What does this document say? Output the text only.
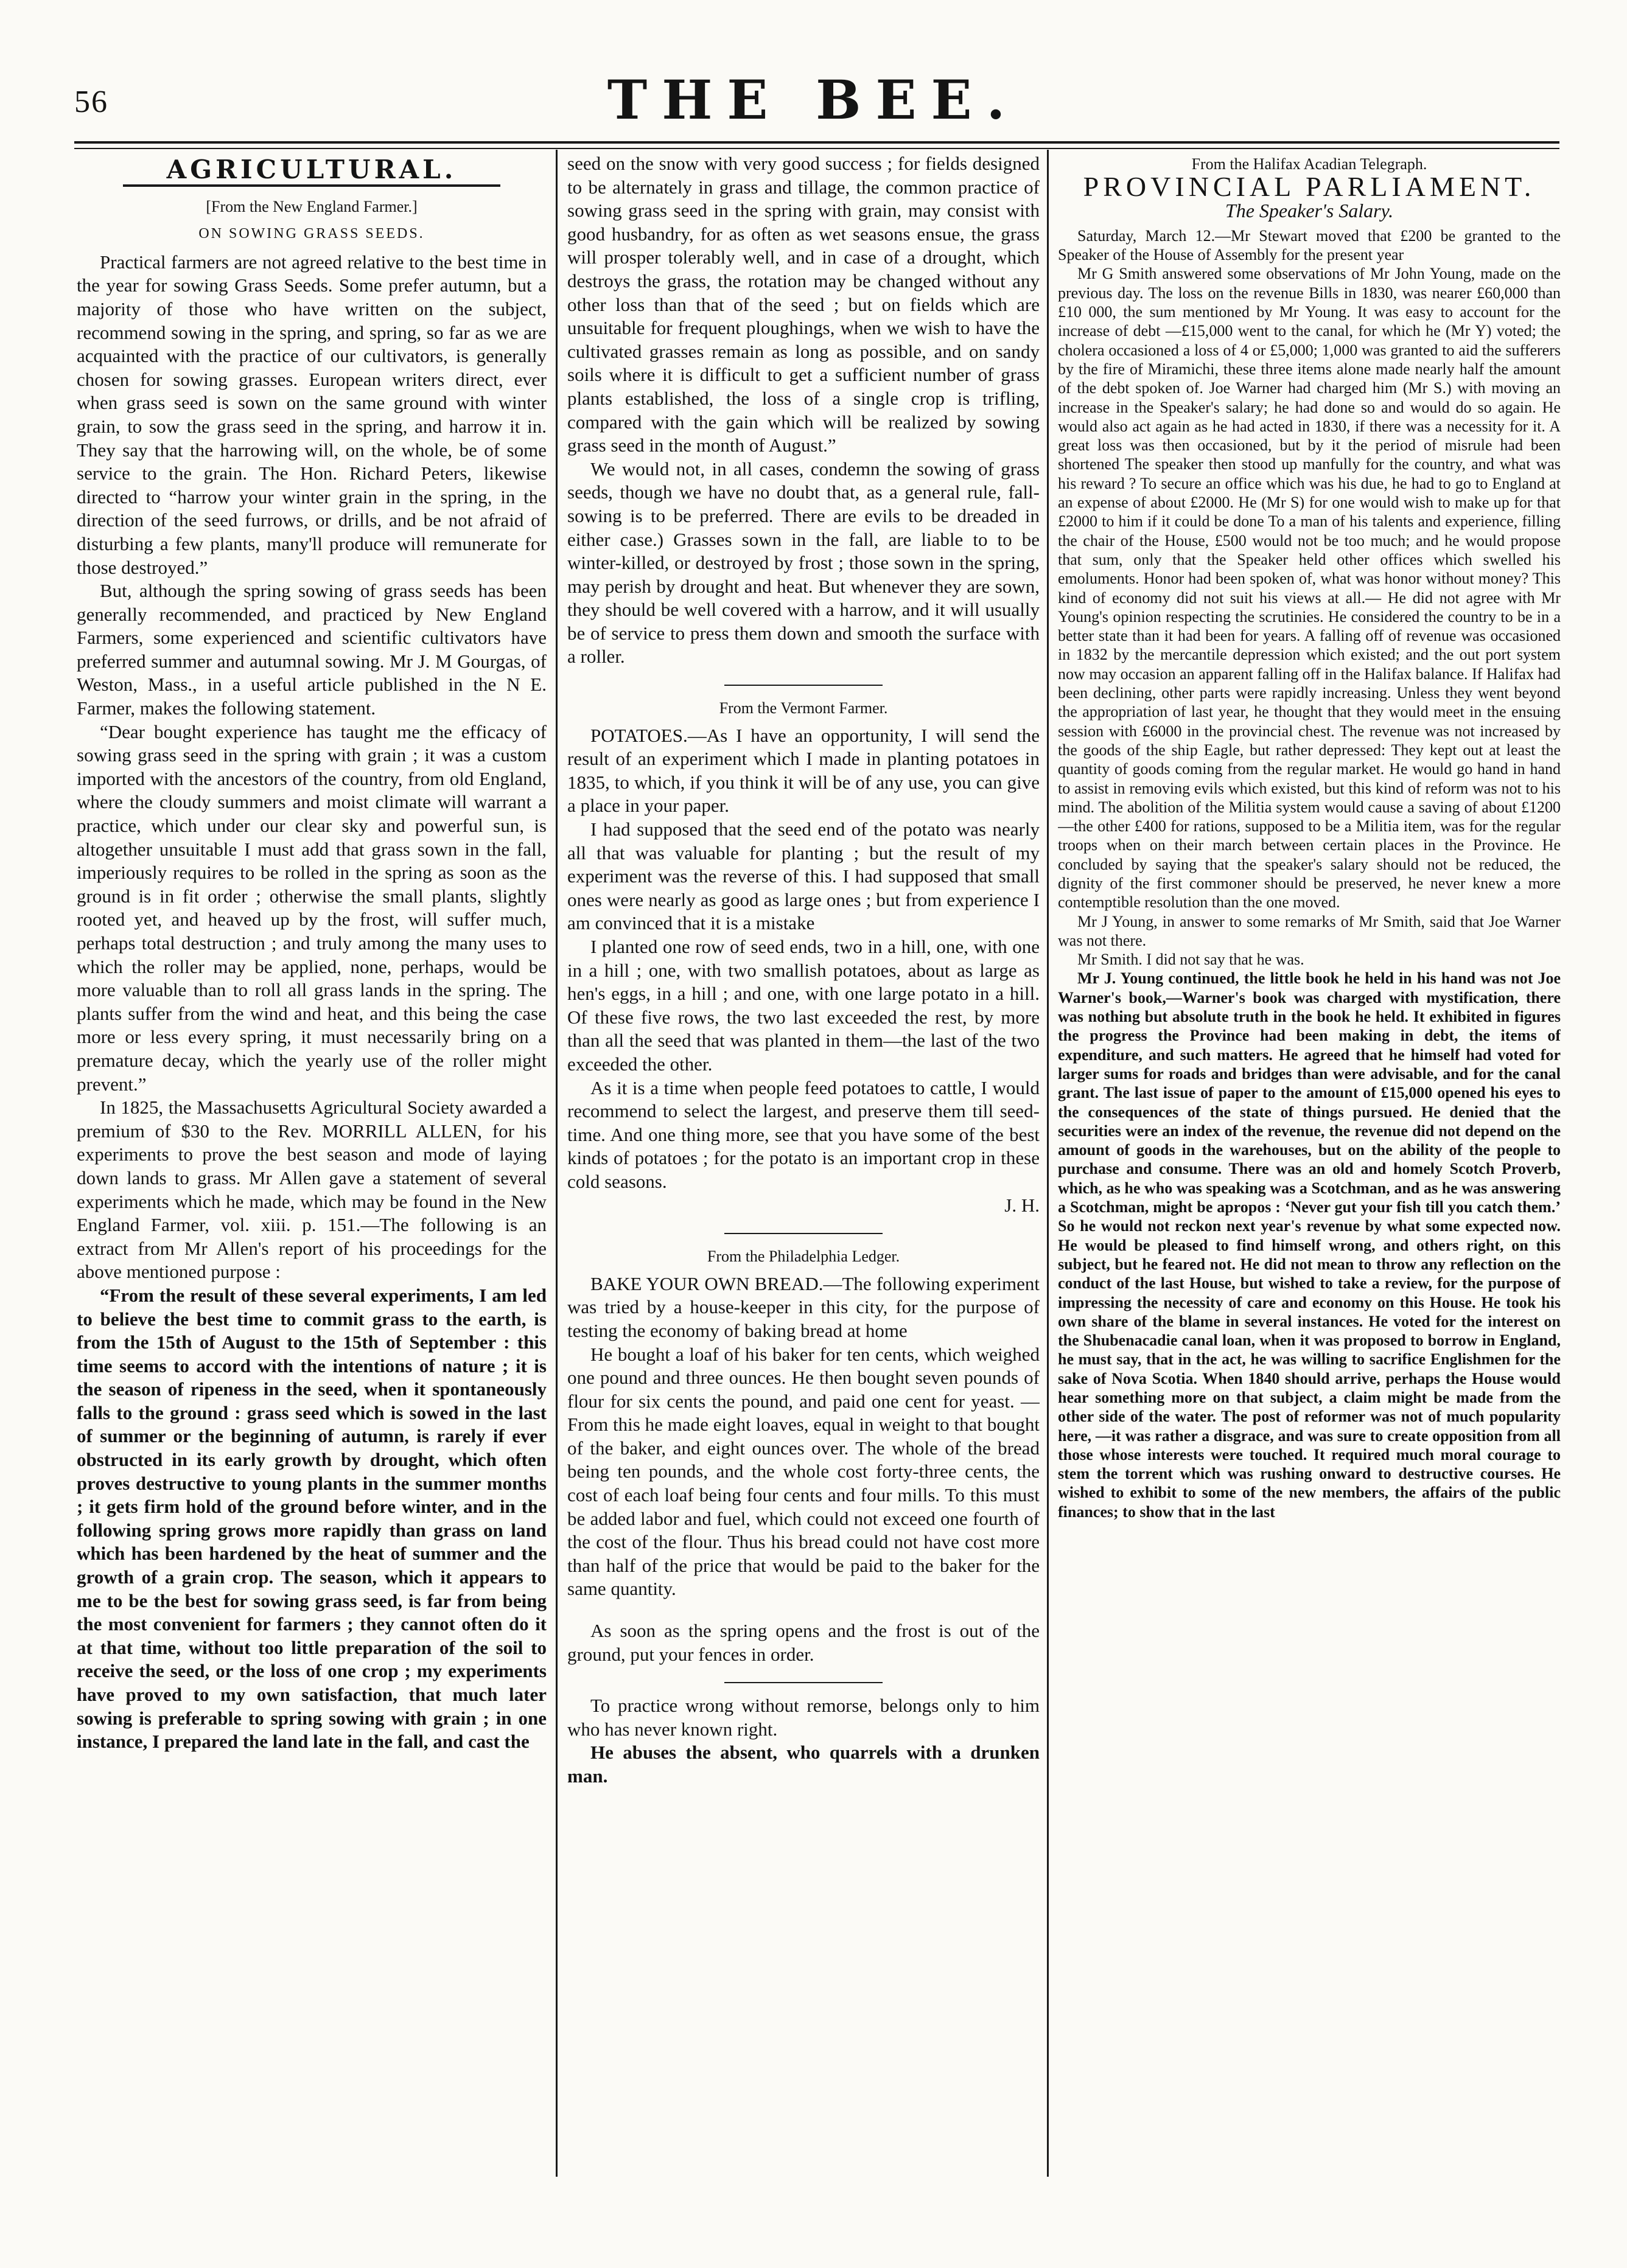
56	THE BEE.
AGRICULTURAL.
[From the New England Farmer.]
ON SOWING GRASS SEEDS.

Practical farmers are not agreed relative to the best time in the year for sowing Grass Seeds. Some prefer autumn, but a majority of those who have written on the subject, recommend sowing in the spring, and spring, so far as we are acquainted with the practice of our cultivators, is generally chosen for sowing grasses. European writers direct, ever when grass seed is sown on the same ground with winter grain, to sow the grass seed in the spring, and harrow it in. They say that the harrowing will, on the whole, be of some service to the grain. The Hon. Richard Peters, likewise directed to “harrow your winter grain in the spring, in the direction of the seed furrows, or drills, and be not afraid of disturbing a few plants, many'll produce will remunerate for those destroyed.”

But, although the spring sowing of grass seeds has been generally recommended, and practiced by New England Farmers, some experienced and scientific cultivators have preferred summer and autumnal sowing. Mr J. M Gourgas, of Weston, Mass., in a useful article published in the N E. Farmer, makes the following statement.

“Dear bought experience has taught me the efficacy of sowing grass seed in the spring with grain ; it was a custom imported with the ancestors of the country, from old England, where the cloudy summers and moist climate will warrant a practice, which under our clear sky and powerful sun, is altogether unsuitable I must add that grass sown in the fall, imperiously requires to be rolled in the spring as soon as the ground is in fit order ; otherwise the small plants, slightly rooted yet, and heaved up by the frost, will suffer much, perhaps total destruction ; and truly among the many uses to which the roller may be applied, none, perhaps, would be more valuable than to roll all grass lands in the spring. The plants suffer from the wind and heat, and this being the case more or less every spring, it must necessarily bring on a premature decay, which the yearly use of the roller might prevent.”

In 1825, the Massachusetts Agricultural Society awarded a premium of $30 to the Rev. MORRILL ALLEN, for his experiments to prove the best season and mode of laying down lands to grass. Mr Allen gave a statement of several experiments which he made, which may be found in the New England Farmer, vol. xiii. p. 151.—The following is an extract from Mr Allen's report of his proceedings for the above mentioned purpose :

“From the result of these several experiments, I am led to believe the best time to commit grass to the earth, is from the 15th of August to the 15th of September : this time seems to accord with the intentions of nature ; it is the season of ripeness in the seed, when it spontaneously falls to the ground : grass seed which is sowed in the last of summer or the beginning of autumn, is rarely if ever obstructed in its early growth by drought, which often proves destructive to young plants in the summer months ; it gets firm hold of the ground before winter, and in the following spring grows more rapidly than grass on land which has been hardened by the heat of summer and the growth of a grain crop. The season, which it appears to me to be the best for sowing grass seed, is far from being the most convenient for farmers ; they cannot often do it at that time, without too little preparation of the soil to receive the seed, or the loss of one crop ; my experiments have proved to my own satisfaction, that much later sowing is preferable to spring sowing with grain ; in one instance, I prepared the land late in the fall, and cast the

seed on the snow with very good success ; for fields designed to be alternately in grass and tillage, the common practice of sowing grass seed in the spring with grain, may consist with good husbandry, for as often as wet seasons ensue, the grass will prosper tolerably well, and in case of a drought, which destroys the grass, the rotation may be changed without any other loss than that of the seed ; but on fields which are unsuitable for frequent ploughings, when we wish to have the cultivated grasses remain as long as possible, and on sandy soils where it is difficult to get a sufficient number of grass plants established, the loss of a single crop is trifling, compared with the gain which will be realized by sowing grass seed in the month of August.”

We would not, in all cases, condemn the sowing of grass seeds, though we have no doubt that, as a general rule, fall-sowing is to be preferred. There are evils to be dreaded in either case.) Grasses sown in the fall, are liable to to be winter-killed, or destroyed by frost ; those sown in the spring, may perish by drought and heat. But whenever they are sown, they should be well covered with a harrow, and it will usually be of service to press them down and smooth the surface with a roller.

From the Vermont Farmer.

POTATOES.—As I have an opportunity, I will send the result of an experiment which I made in planting potatoes in 1835, to which, if you think it will be of any use, you can give a place in your paper.

I had supposed that the seed end of the potato was nearly all that was valuable for planting ; but the result of my experiment was the reverse of this. I had supposed that small ones were nearly as good as large ones ; but from experience I am convinced that it is a mistake

I planted one row of seed ends, two in a hill, one, with one in a hill ; one, with two smallish potatoes, about as large as hen's eggs, in a hill ; and one, with one large potato in a hill. Of these five rows, the two last exceeded the rest, by more than all the seed that was planted in them—the last of the two exceeded the other.

As it is a time when people feed potatoes to cattle, I would recommend to select the largest, and preserve them till seed-time. And one thing more, see that you have some of the best kinds of potatoes ; for the potato is an important crop in these cold seasons.

J. H.
From the Philadelphia Ledger.

BAKE YOUR OWN BREAD.—The following experiment was tried by a house-keeper in this city, for the purpose of testing the economy of baking bread at home

He bought a loaf of his baker for ten cents, which weighed one pound and three ounces. He then bought seven pounds of flour for six cents the pound, and paid one cent for yeast. —From this he made eight loaves, equal in weight to that bought of the baker, and eight ounces over. The whole of the bread being ten pounds, and the whole cost forty-three cents, the cost of each loaf being four cents and four mills. To this must be added labor and fuel, which could not exceed one fourth of the cost of the flour. Thus his bread could not have cost more than half of the price that would be paid to the baker for the same quantity.

As soon as the spring opens and the frost is out of the ground, put your fences in order.

To practice wrong without remorse, belongs only to him who has never known right.

He abuses the absent, who quarrels with a drunken man.

From the Halifax Acadian Telegraph.
PROVINCIAL PARLIAMENT.
The Speaker's Salary.

Saturday, March 12.—Mr Stewart moved that £200 be granted to the Speaker of the House of Assembly for the present year

Mr G Smith answered some observations of Mr John Young, made on the previous day. The loss on the revenue Bills in 1830, was nearer £60,000 than £10 000, the sum mentioned by Mr Young. It was easy to account for the increase of debt —£15,000 went to the canal, for which he (Mr Y) voted; the cholera occasioned a loss of 4 or £5,000; 1,000 was granted to aid the sufferers by the fire of Miramichi, these three items alone made nearly half the amount of the debt spoken of. Joe Warner had charged him (Mr S.) with moving an increase in the Speaker's salary; he had done so and would do so again. He would also act again as he had acted in 1830, if there was a necessity for it. A great loss was then occasioned, but by it the period of misrule had been shortened The speaker then stood up manfully for the country, and what was his reward ? To secure an office which was his due, he had to go to England at an expense of about £2000. He (Mr S) for one would wish to make up for that £2000 to him if it could be done To a man of his talents and experience, filling the chair of the House, £500 would not be too much; and he would propose that sum, only that the Speaker held other offices which swelled his emoluments. Honor had been spoken of, what was honor without money? This kind of economy did not suit his views at all.— He did not agree with Mr Young's opinion respecting the scrutinies. He considered the country to be in a better state than it had been for years. A falling off of revenue was occasioned in 1832 by the mercantile depression which existed; and the out port system now may occasion an apparent falling off in the Halifax balance. If Halifax had been declining, other parts were rapidly increasing. Unless they went beyond the appropriation of last year, he thought that they would meet in the ensuing session with £6000 in the provincial chest. The revenue was not increased by the goods of the ship Eagle, but rather depressed: They kept out at least the quantity of goods coming from the regular market. He would go hand in hand to assist in removing evils which existed, but this kind of reform was not to his mind. The abolition of the Militia system would cause a saving of about £1200—the other £400 for rations, supposed to be a Militia item, was for the regular troops when on their march between certain places in the Province. He concluded by saying that the speaker's salary should not be reduced, the dignity of the first commoner should be preserved, he never knew a more contemptible resolution than the one moved.

Mr J Young, in answer to some remarks of Mr Smith, said that Joe Warner was not there.

Mr Smith. I did not say that he was.

Mr J. Young continued, the little book he held in his hand was not Joe Warner's book,—Warner's book was charged with mystification, there was nothing but absolute truth in the book he held. It exhibited in figures the progress the Province had been making in debt, the items of expenditure, and such matters. He agreed that he himself had voted for larger sums for roads and bridges than were advisable, and for the canal grant. The last issue of paper to the amount of £15,000 opened his eyes to the consequences of the state of things pursued. He denied that the securities were an index of the revenue, the revenue did not depend on the amount of goods in the warehouses, but on the ability of the people to purchase and consume. There was an old and homely Scotch Proverb, which, as he who was speaking was a Scotchman, and as he was answering a Scotchman, might be apropos : ‘Never gut your fish till you catch them.’ So he would not reckon next year's revenue by what some expected now. He would be pleased to find himself wrong, and others right, on this subject, but he feared not. He did not mean to throw any reflection on the conduct of the last House, but wished to take a review, for the purpose of impressing the necessity of care and economy on this House. He took his own share of the blame in several instances. He voted for the interest on the Shubenacadie canal loan, when it was proposed to borrow in England, he must say, that in the act, he was willing to sacrifice Englishmen for the sake of Nova Scotia. When 1840 should arrive, perhaps the House would hear something more on that subject, a claim might be made from the other side of the water. The post of reformer was not of much popularity here, —it was rather a disgrace, and was sure to create opposition from all those whose interests were touched. It required much moral courage to stem the torrent which was rushing onward to destructive courses. He wished to exhibit to some of the new members, the affairs of the public finances; to show that in the last
